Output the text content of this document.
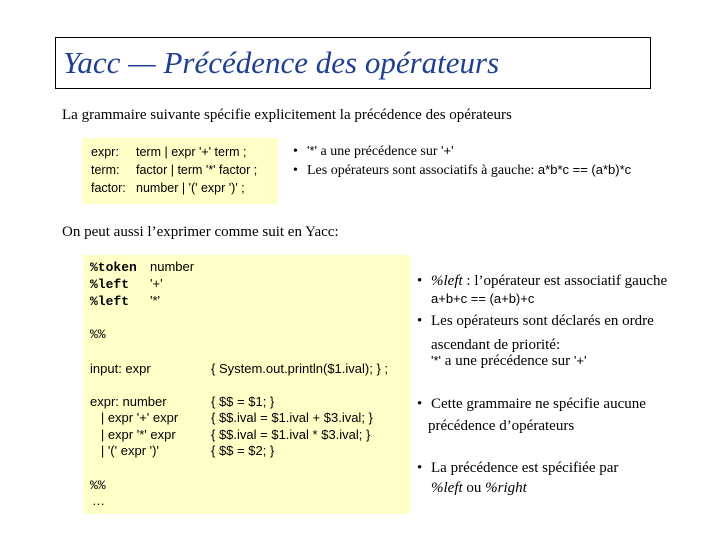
Yacc — Précédence des opérateurs
La grammaire suivante spécifie explicitement la précédence des opérateurs
expr: term | expr '+' term ;
term: factor | term '*' factor ;
factor: number | '(' expr ')' ;
• '*' a une précédence sur '+'
• Les opérateurs sont associatifs à gauche: a*b*c == (a*b)*c
On peut aussi l’exprimer comme suit en Yacc:
%token number
%left '+'
%left '*'
%%
input: expr	{ System.out.println($1.ival); } ;
expr: number	{ $$ = $1; }
| expr '+' expr	{ $$.ival = $1.ival + $3.ival; }
| expr '*' expr	{ $$.ival = $1.ival * $3.ival; }
| '(' expr ')'	{ $$ = $2; }
%%
…
• %left : l’opérateur est associatif gauche
a+b+c == (a+b)+c
• Les opérateurs sont déclarés en ordre
ascendant de priorité:
'*' a une précédence sur '+'
• Cette grammaire ne spécifie aucune
précédence d’opérateurs
• La précédence est spécifiée par
%left ou %right
